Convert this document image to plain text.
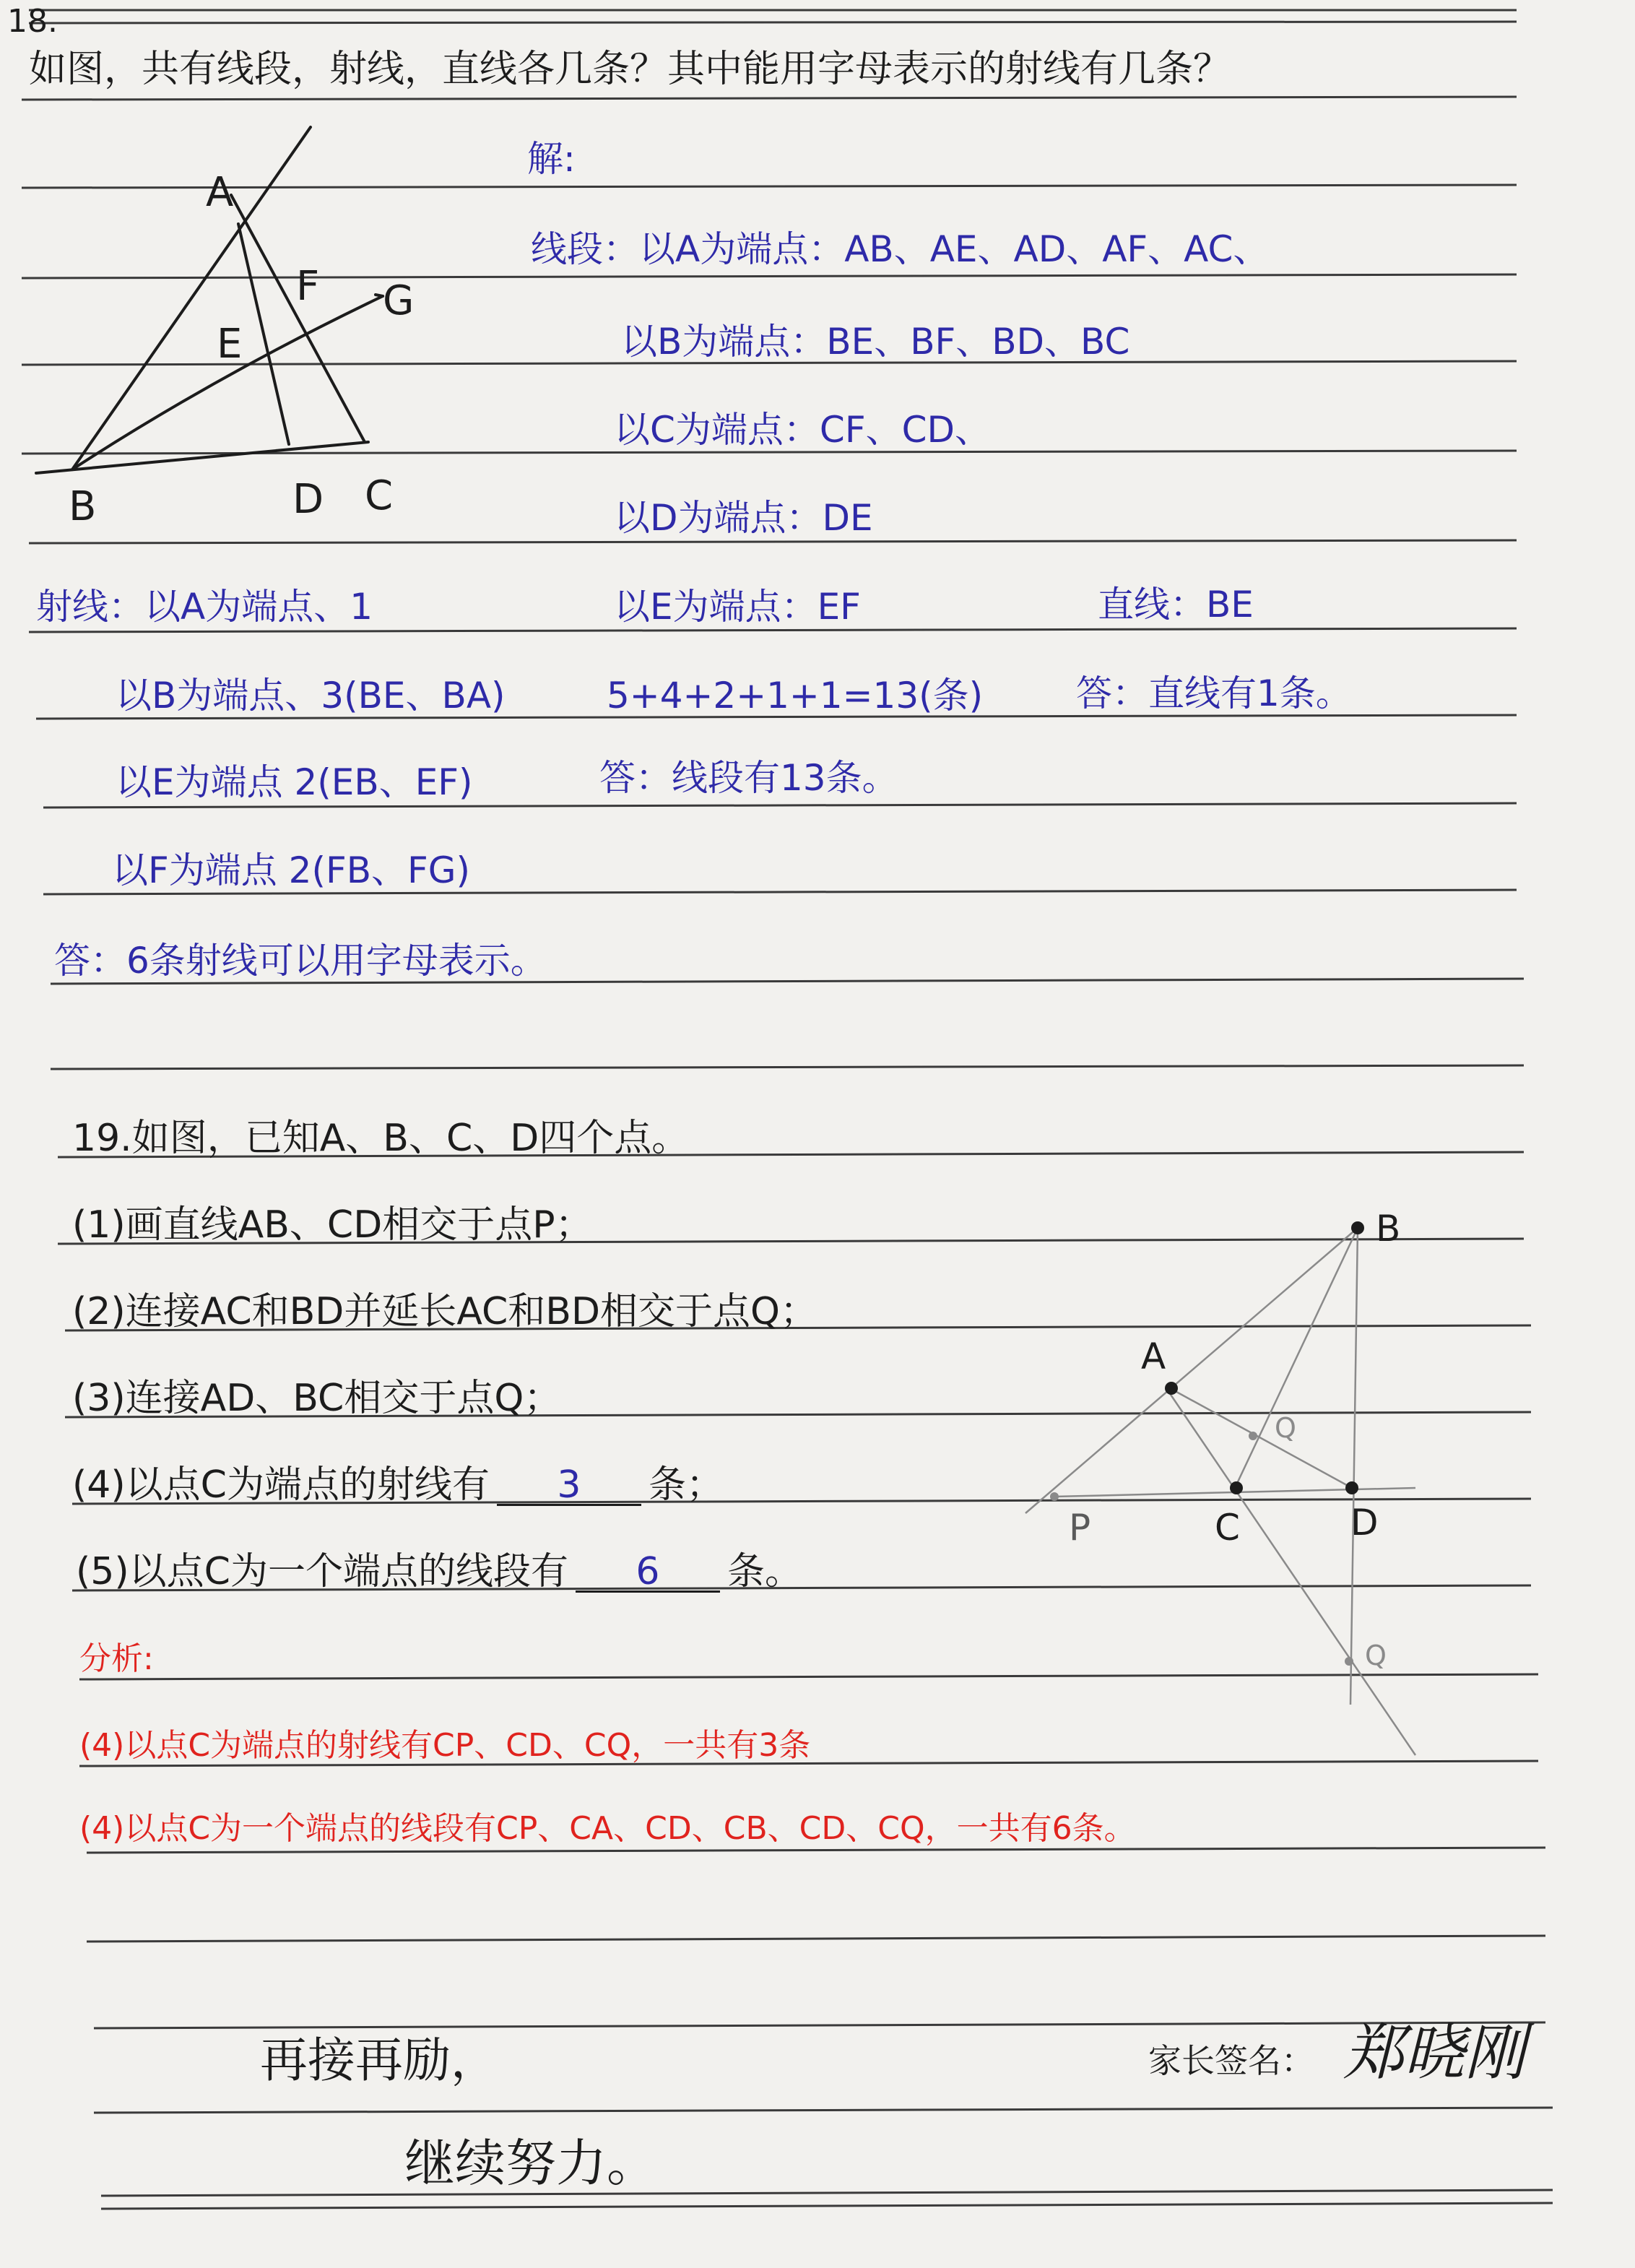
A
E
F G
B	D C
18.
如图，共有线段，射线，直线各几条？其中能用字母表示的射线有几条？
解:
线段：以A为端点：AB、AE、AD、AF、AC、
以B为端点：BE、BF、BD、BC
以C为端点：CF、CD、
以D为端点：DE
射线：以A为端点、1	以E为端点：EF	直线：BE
以B为端点、3(BE、BA)	5+4+2+1+1=13(条)	答：直线有1条。
以E为端点 2(EB、EF)	答：线段有13条。
以F为端点 2(FB、FG)
答：6条射线可以用字母表示。
19.如图，已知A、B、C、D四个点。
(1)画直线AB、CD相交于点P；
(2)连接AC和BD并延长AC和BD相交于点Q；
(3)连接AD、BC相交于点Q；
(4)以点C为端点的射线有 3 条；
(5)以点C为一个端点的线段有 6 条。
分析:
(4)以点C为端点的射线有CP、CD、CQ，一共有3条
(4)以点C为一个端点的线段有CP、CA、CD、CB、CD、CQ，一共有6条。
B
A
Q
P	C	D
Q
再接再励，
继续努力。
家长签名： 郑晓刚
